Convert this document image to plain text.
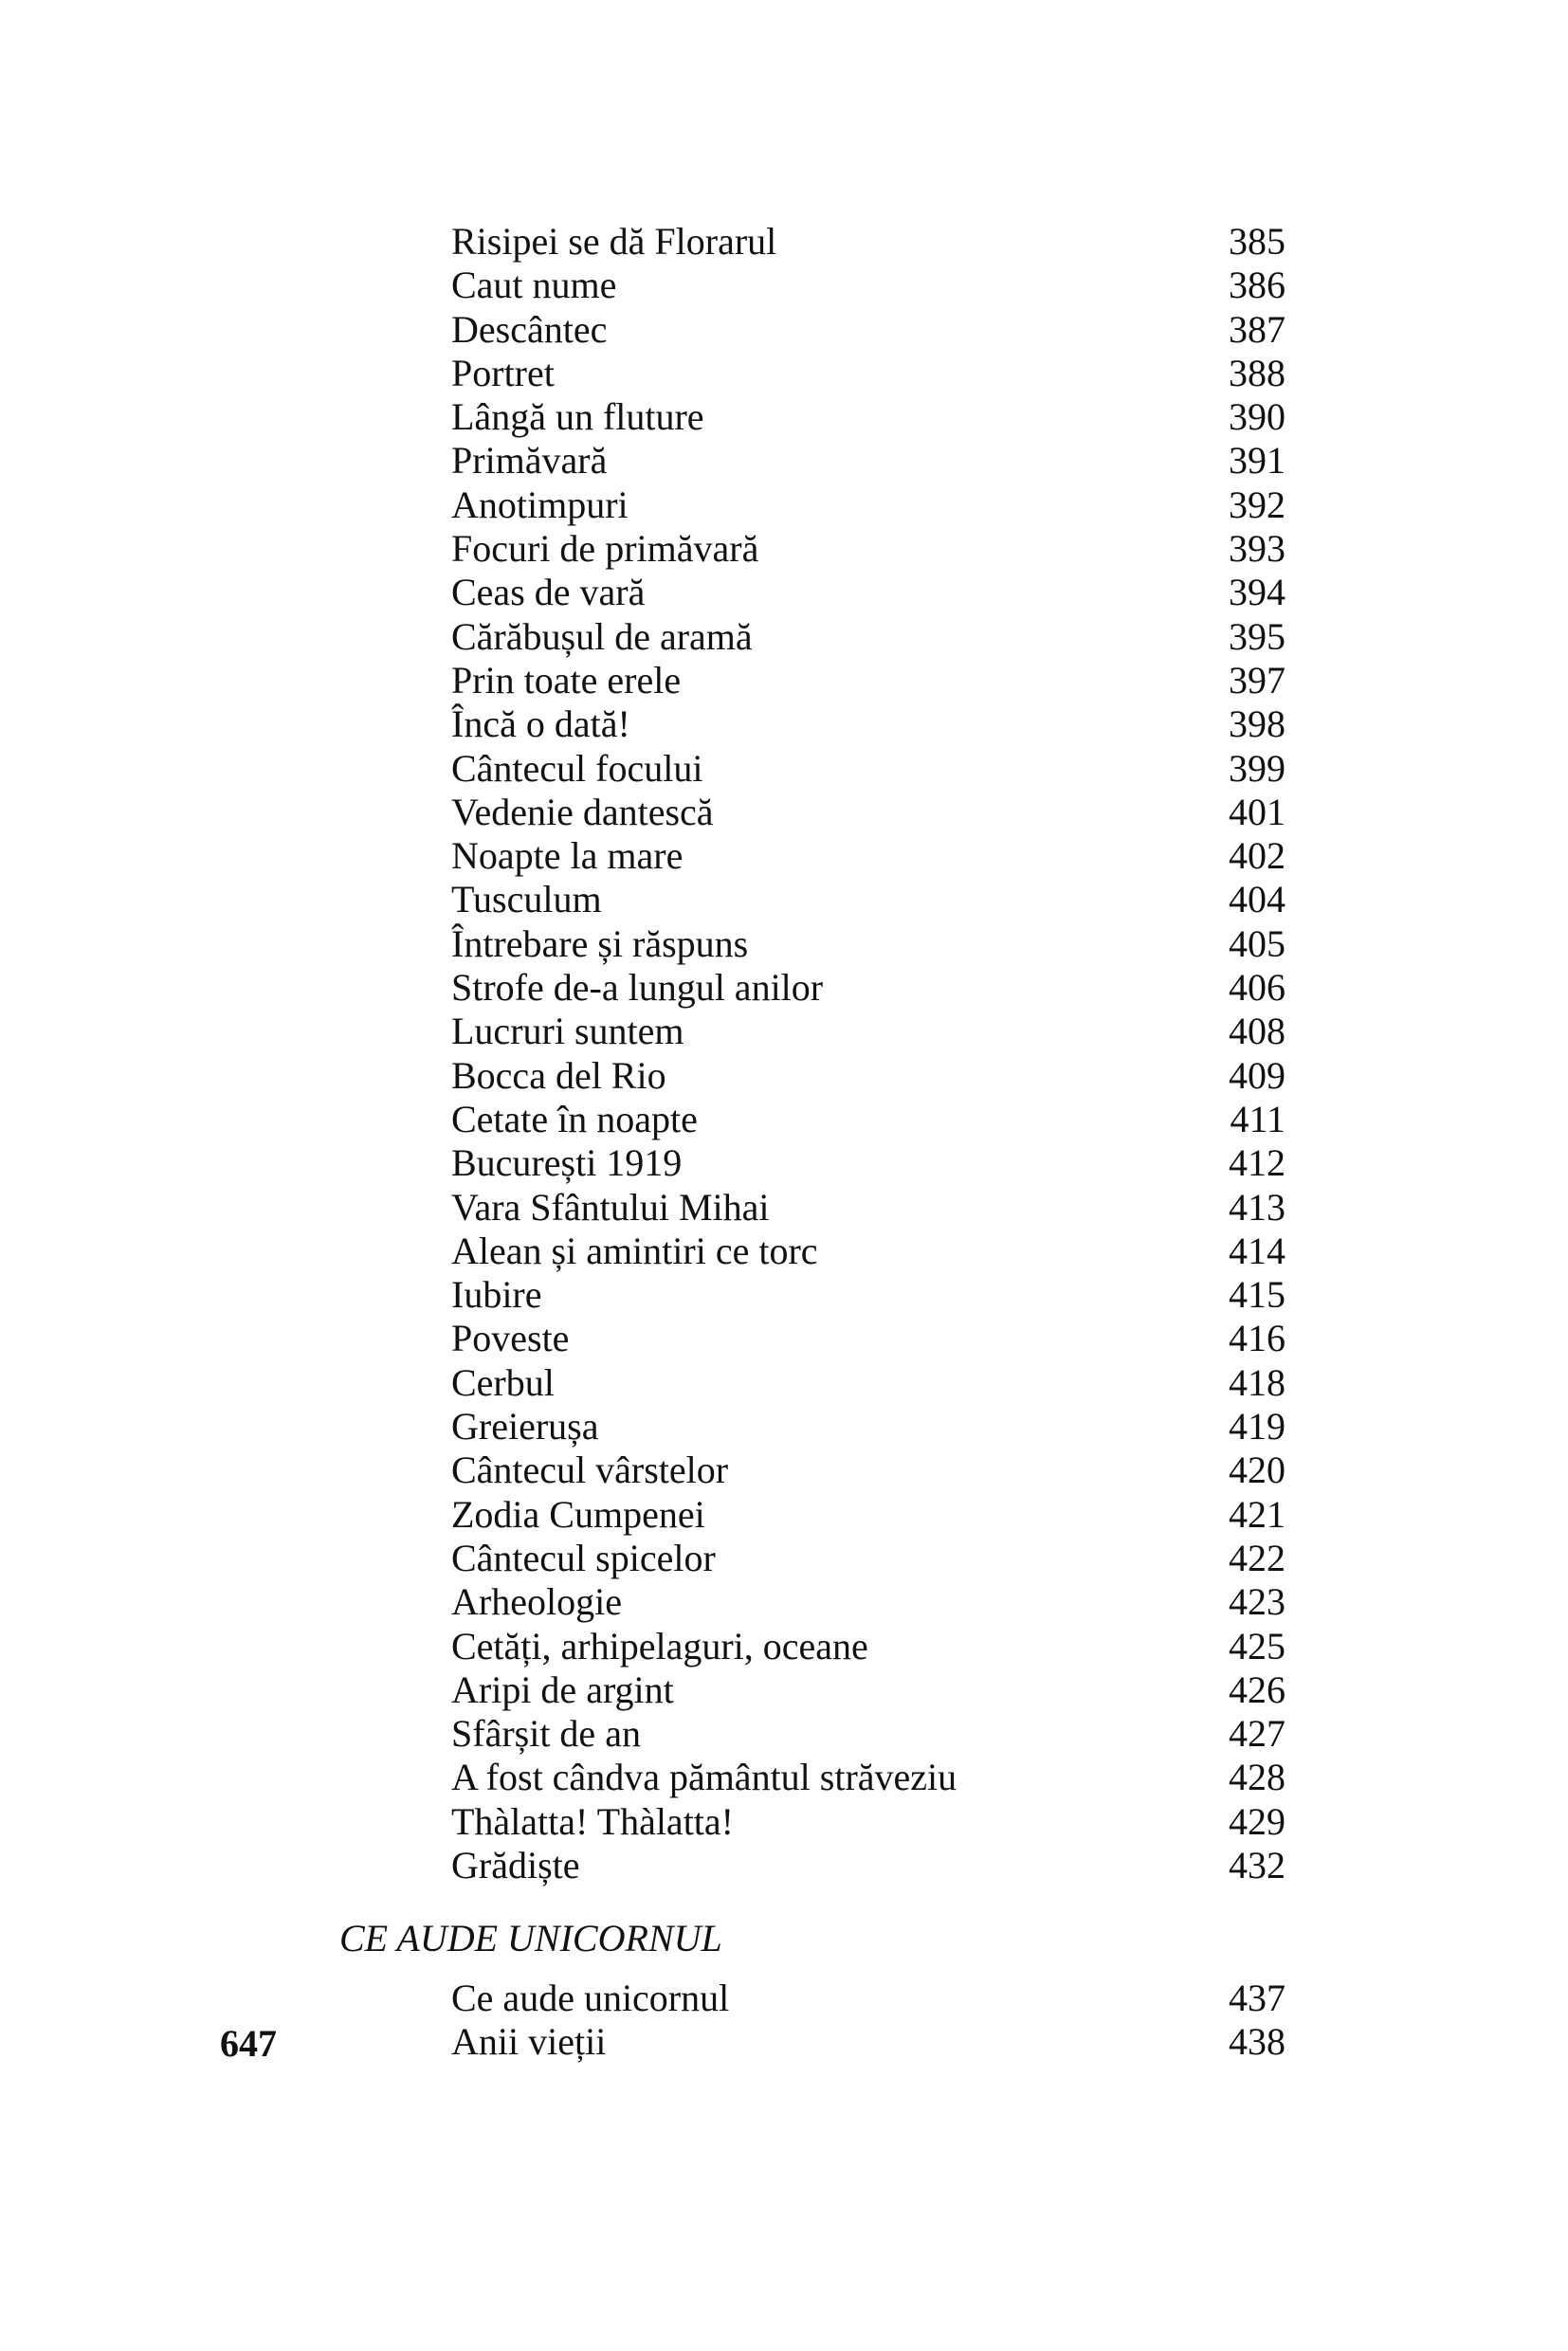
Risipei se dă Florarul	385
Caut nume	386
Descântec	387
Portret	388
Lângă un fluture	390
Primăvară	391
Anotimpuri	392
Focuri de primăvară	393
Ceas de vară	394
Cărăbușul de aramă	395
Prin toate erele	397
Încă o dată!	398
Cântecul focului	399
Vedenie dantescă	401
Noapte la mare	402
Tusculum	404
Întrebare și răspuns	405
Strofe de-a lungul anilor	406
Lucruri suntem	408
Bocca del Rio	409
Cetate în noapte	411
București 1919	412
Vara Sfântului Mihai	413
Alean și amintiri ce torc	414
Iubire	415
Poveste	416
Cerbul	418
Greierușa	419
Cântecul vârstelor	420
Zodia Cumpenei	421
Cântecul spicelor	422
Arheologie	423
Cetăți, arhipelaguri, oceane	425
Aripi de argint	426
Sfârșit de an	427
A fost cândva pământul străveziu	428
Thàlatta! Thàlatta!	429
Grădiște	432
CE AUDE UNICORNUL
Ce aude unicornul	437
Anii vieții	438
647
